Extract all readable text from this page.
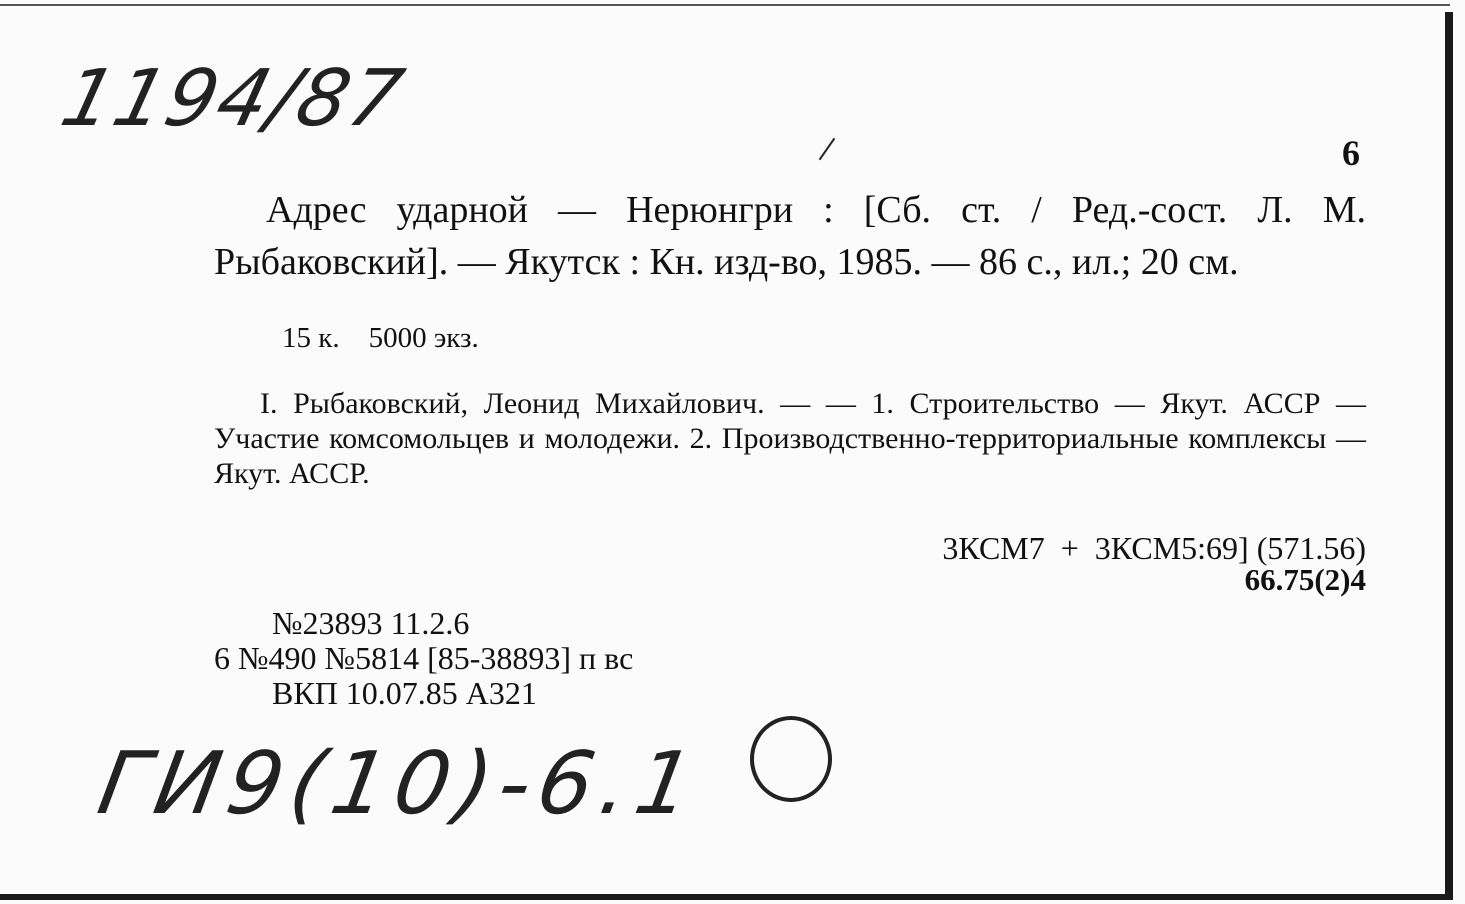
1194/87
6
Адрес ударной — Нерюнгри : [Сб. ст. / Ред.-сост. Л. М. Рыбаковский]. — Якутск : Кн. изд-во, 1985. — 86 с., ил.; 20 см.
15 к.    5000 экз.
I. Рыбаковский, Леонид Михайлович. — — 1. Строительство — Якут. АССР — Участие комсомольцев и молодежи. 2. Производственно-территориальные комплексы — Якут. АССР.
3КСМ7  +  3КСМ5:69] (571.56)
66.75(2)4
№23893 11.2.6
6 №490 №5814 [85-38893] п вс
ВКП 10.07.85 А321
ГИ9(10)-6.1
